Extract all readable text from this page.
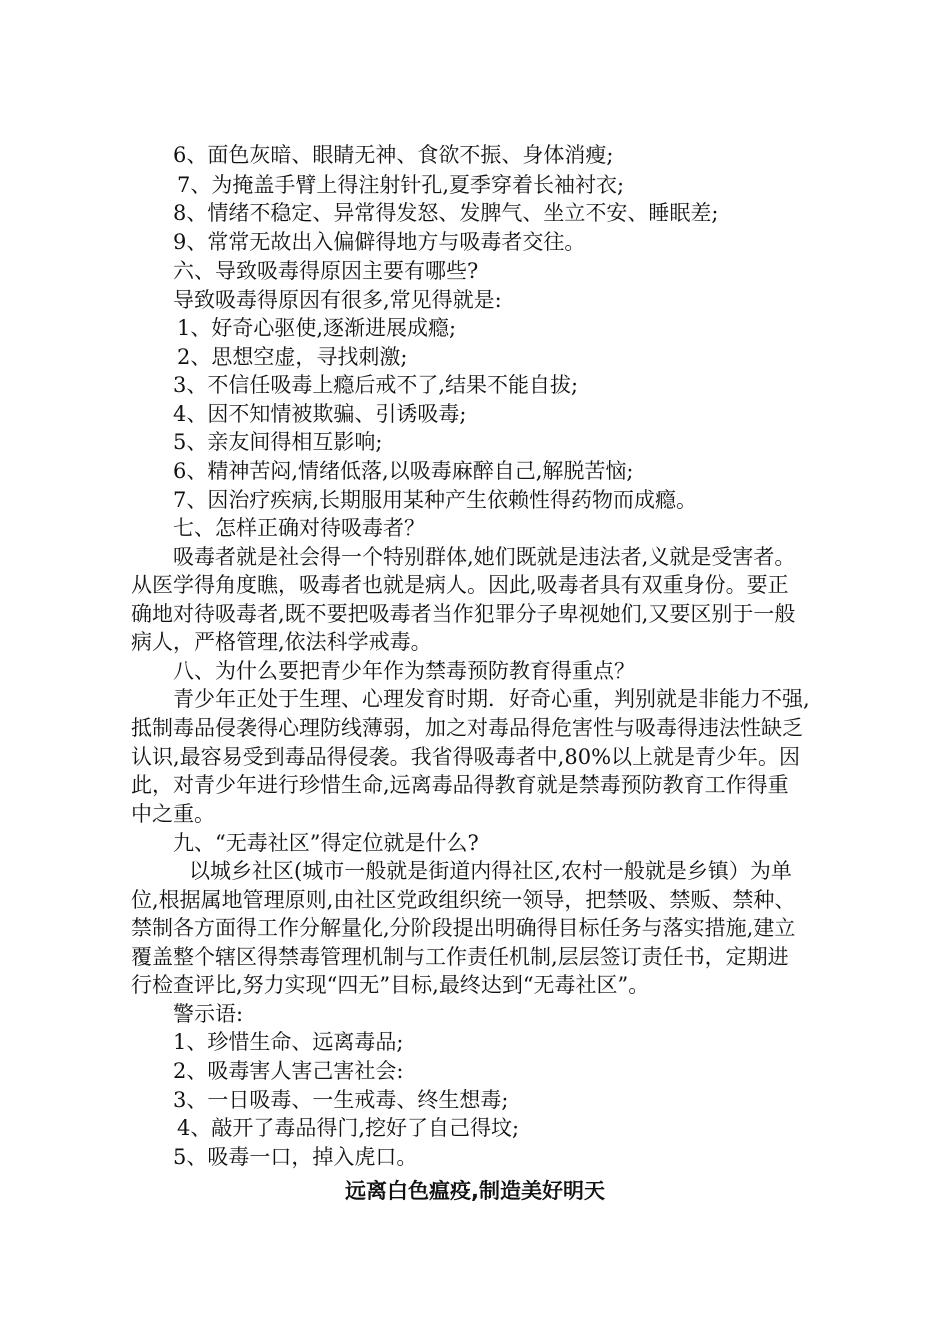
6、面色灰暗、眼睛无神、食欲不振、身体消瘦;
7、为掩盖手臂上得注射针孔,夏季穿着长袖衬衣;
8、情绪不稳定、异常得发怒、发脾气、坐立不安、睡眠差;
9、常常无故出入偏僻得地方与吸毒者交往。
六、导致吸毒得原因主要有哪些?
导致吸毒得原因有很多,常见得就是:
1、好奇心驱使,逐渐进展成瘾;
2、思想空虚，寻找刺激;
3、不信任吸毒上瘾后戒不了,结果不能自拔;
4、因不知情被欺骗、引诱吸毒;
5、亲友间得相互影响;
6、精神苦闷,情绪低落,以吸毒麻醉自己,解脱苦恼;
7、因治疗疾病,长期服用某种产生依赖性得药物而成瘾。
七、怎样正确对待吸毒者？
吸毒者就是社会得一个特别群体,她们既就是违法者,义就是受害者。
从医学得角度瞧，吸毒者也就是病人。因此,吸毒者具有双重身份。要正
确地对待吸毒者,既不要把吸毒者当作犯罪分子卑视她们,又要区别于一般
病人，严格管理,依法科学戒毒。
八、为什么要把青少年作为禁毒预防教育得重点？
青少年正处于生理、心理发育时期．好奇心重，判别就是非能力不强,
抵制毒品侵袭得心理防线薄弱，加之对毒品得危害性与吸毒得违法性缺乏
认识,最容易受到毒品得侵袭。我省得吸毒者中,80%以上就是青少年。因
此，对青少年进行珍惜生命,远离毒品得教育就是禁毒预防教育工作得重
中之重。
九、“无毒社区”得定位就是什么?
以城乡社区(城市一般就是街道内得社区,农村一般就是乡镇）为单
位,根据属地管理原则,由社区党政组织统一领导，把禁吸、禁贩、禁种、
禁制各方面得工作分解量化,分阶段提出明确得目标任务与落实措施,建立
覆盖整个辖区得禁毒管理机制与工作责任机制,层层签订责任书，定期进
行检查评比,努力实现“四无”目标,最终达到“无毒社区”。
警示语:
1、珍惜生命、远离毒品;
2、吸毒害人害己害社会:
3、一日吸毒、一生戒毒、终生想毒;
4、敲开了毒品得门,挖好了自己得坟;
5、吸毒一口，掉入虎口。
远离白色瘟疫,制造美好明天
